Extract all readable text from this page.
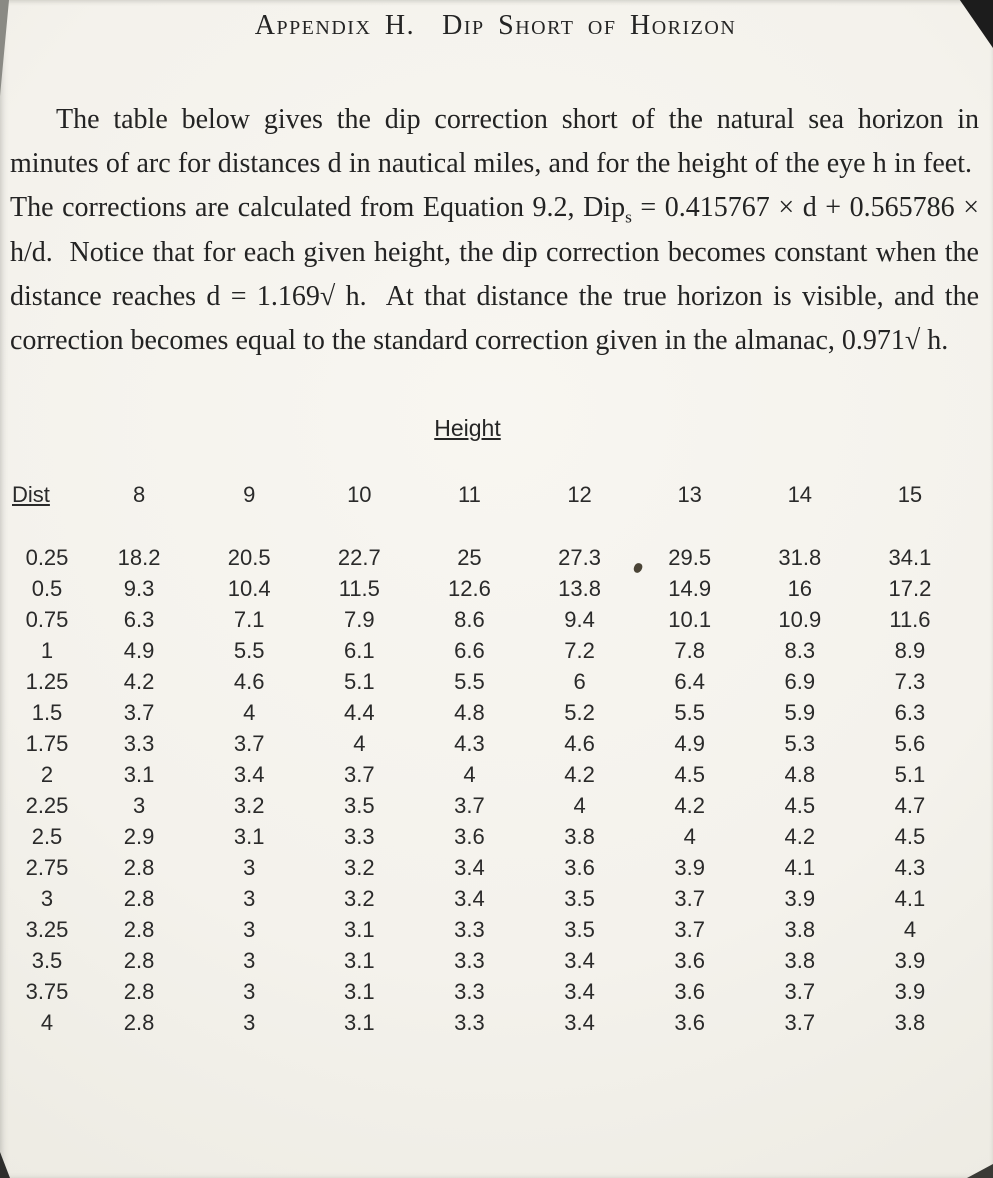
Appendix H.  Dip Short of Horizon

The table below gives the dip correction short of the natural sea horizon in minutes of arc for distances d in nautical miles, and for the height of the eye h in feet.  The corrections are calculated from Equation 9.2, Dip$_s$ = 0.415767 × d + 0.565786 × h/d.  Notice that for each given height, the dip correction becomes constant when the distance reaches d = 1.169√ h.  At that distance the true horizon is visible, and the correction becomes equal to the standard correction given in the almanac, 0.971√ h.

Height
Dist	8	9	10	11	12	13	14	15
0.25	18.2	20.5	22.7	25	27.3	29.5	31.8	34.1
0.5	9.3	10.4	11.5	12.6	13.8	14.9	16	17.2
0.75	6.3	7.1	7.9	8.6	9.4	10.1	10.9	11.6
1	4.9	5.5	6.1	6.6	7.2	7.8	8.3	8.9
1.25	4.2	4.6	5.1	5.5	6	6.4	6.9	7.3
1.5	3.7	4	4.4	4.8	5.2	5.5	5.9	6.3
1.75	3.3	3.7	4	4.3	4.6	4.9	5.3	5.6
2	3.1	3.4	3.7	4	4.2	4.5	4.8	5.1
2.25	3	3.2	3.5	3.7	4	4.2	4.5	4.7
2.5	2.9	3.1	3.3	3.6	3.8	4	4.2	4.5
2.75	2.8	3	3.2	3.4	3.6	3.9	4.1	4.3
3	2.8	3	3.2	3.4	3.5	3.7	3.9	4.1
3.25	2.8	3	3.1	3.3	3.5	3.7	3.8	4
3.5	2.8	3	3.1	3.3	3.4	3.6	3.8	3.9
3.75	2.8	3	3.1	3.3	3.4	3.6	3.7	3.9
4	2.8	3	3.1	3.3	3.4	3.6	3.7	3.8
